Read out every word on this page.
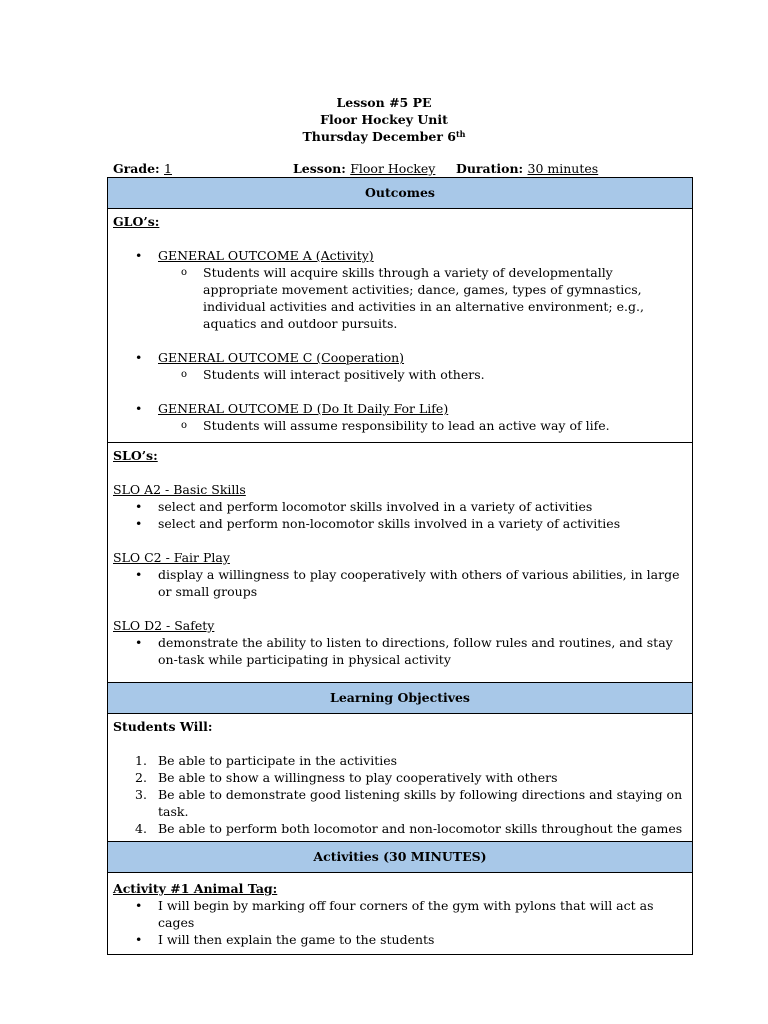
Lesson #5 PE
Floor Hockey Unit
Thursday December 6th
Grade: 1	Lesson: Floor Hockey Duration: 30 minutes
Outcomes
GLO’s:
• GENERAL OUTCOME A (Activity)
o Students will acquire skills through a variety of developmentally appropriate movement activities; dance, games, types of gymnastics, individual activities and activities in an alternative environment; e.g., aquatics and outdoor pursuits.
• GENERAL OUTCOME C (Cooperation)
o Students will interact positively with others.
• GENERAL OUTCOME D (Do It Daily For Life)
o Students will assume responsibility to lead an active way of life.
SLO’s:
SLO A2 - Basic Skills
• select and perform locomotor skills involved in a variety of activities
• select and perform non-locomotor skills involved in a variety of activities
SLO C2 - Fair Play
• display a willingness to play cooperatively with others of various abilities, in large or small groups
SLO D2 - Safety
• demonstrate the ability to listen to directions, follow rules and routines, and stay on-task while participating in physical activity
Learning Objectives
Students Will:
1. Be able to participate in the activities
2. Be able to show a willingness to play cooperatively with others
3. Be able to demonstrate good listening skills by following directions and staying on task.
4. Be able to perform both locomotor and non-locomotor skills throughout the games
Activities (30 MINUTES)
Activity #1 Animal Tag:
• I will begin by marking off four corners of the gym with pylons that will act as cages
• I will then explain the game to the students
